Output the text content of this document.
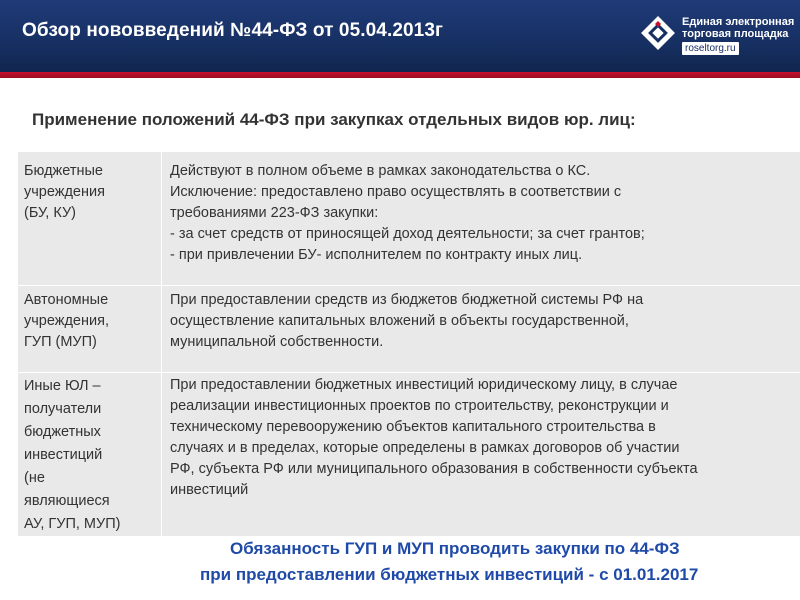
Обзор нововведений №44-ФЗ от 05.04.2013г	Единая электронная
торговая площадка
roseltorg.ru
Применение положений 44-ФЗ при закупках отдельных видов юр. лиц:
Бюджетные
учреждения
(БУ, КУ)
Действуют в полном объеме в рамках законодательства о КС.
Исключение: предоставлено право осуществлять в соответствии с
требованиями 223-ФЗ закупки:
- за счет средств от приносящей доход деятельности; за счет грантов;
- при привлечении БУ- исполнителем по контракту иных лиц.
Автономные
учреждения,
ГУП (МУП)
При предоставлении средств из бюджетов бюджетной системы РФ на
осуществление капитальных вложений в объекты государственной,
муниципальной собственности.
Иные ЮЛ –
получатели
бюджетных
инвестиций
(не
являющиеся
АУ, ГУП, МУП)
При предоставлении бюджетных инвестиций юридическому лицу, в случае
реализации инвестиционных проектов по строительству, реконструкции и
техническому перевооружению объектов капитального строительства в
случаях и в пределах, которые определены в рамках договоров об участии
РФ, субъекта РФ или муниципального образования в собственности субъекта
инвестиций
Обязанность ГУП и МУП проводить закупки по 44-ФЗ
при предоставлении бюджетных инвестиций - с 01.01.2017
